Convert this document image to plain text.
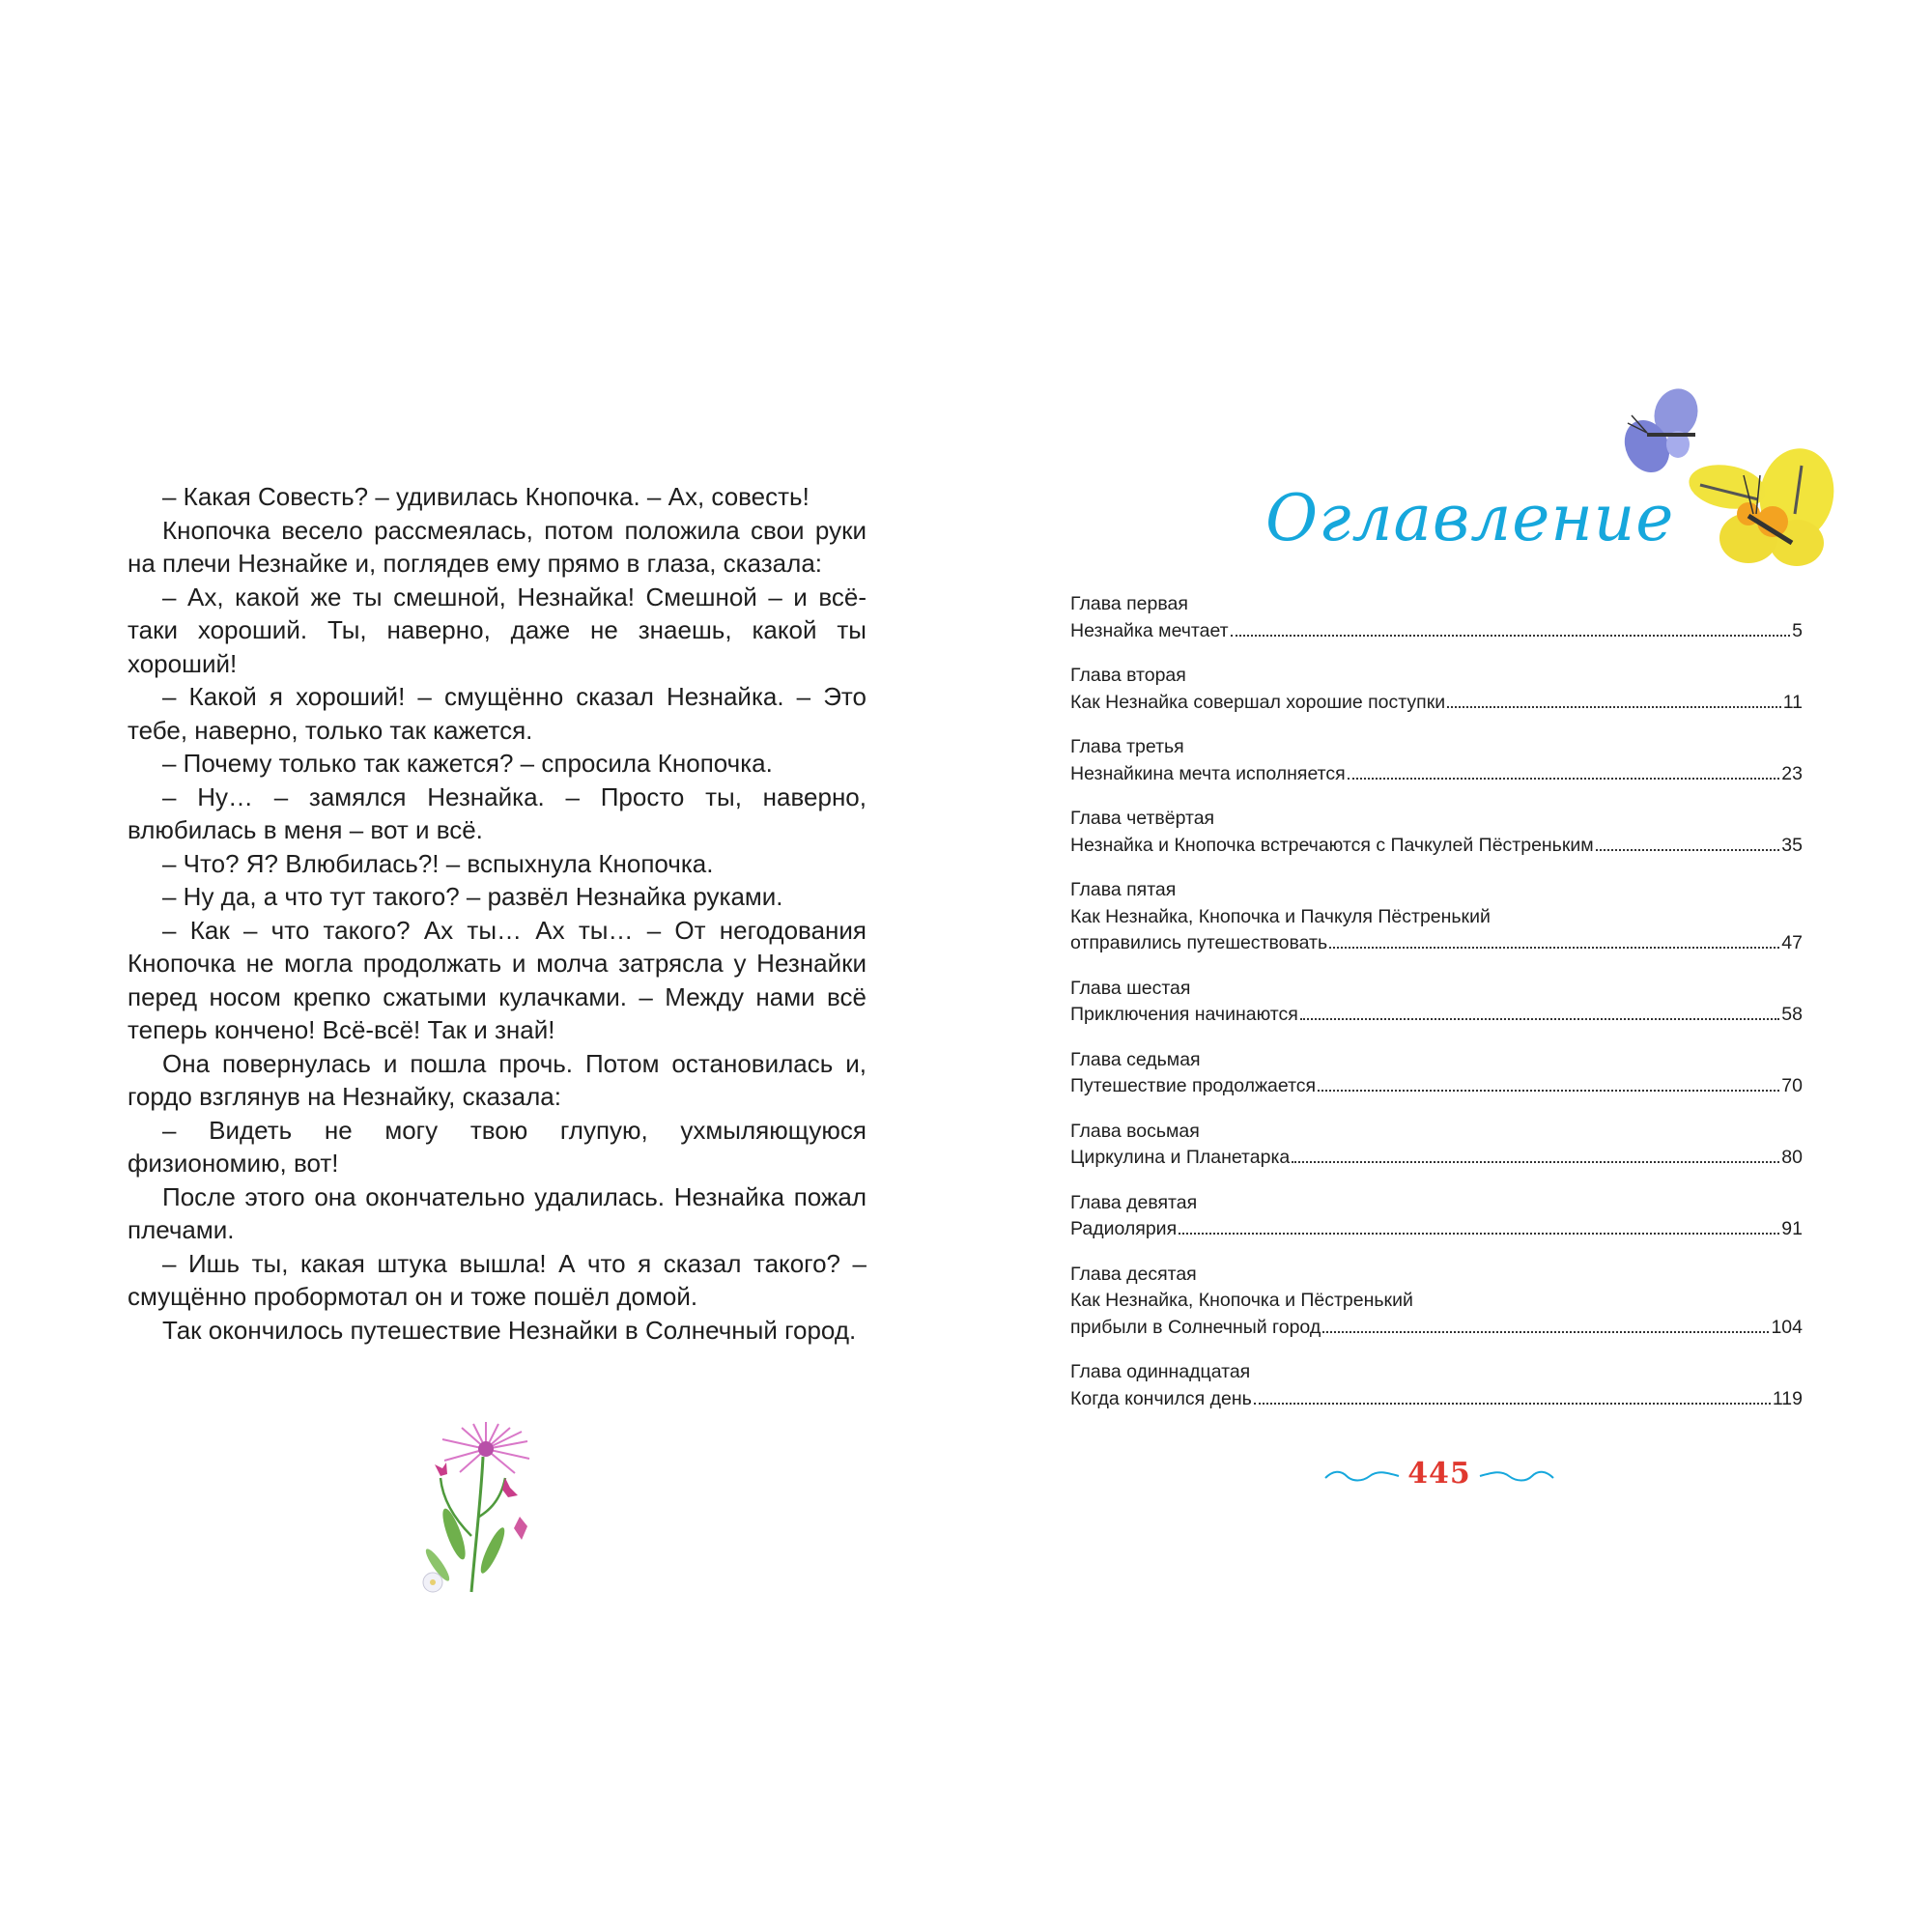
– Какая Совесть? – удивилась Кнопочка. – Ах, совесть!

Кнопочка весело рассмеялась, потом положила свои руки на плечи Незнайке и, поглядев ему прямо в глаза, сказала:

– Ах, какой же ты смешной, Незнайка! Смешной – и всё-таки хороший. Ты, наверно, даже не знаешь, какой ты хороший!

– Какой я хороший! – смущённо сказал Незнайка. – Это тебе, наверно, только так кажется.

– Почему только так кажется? – спросила Кнопочка.

– Ну… – замялся Незнайка. – Просто ты, наверно, влюбилась в меня – вот и всё.

– Что? Я? Влюбилась?! – вспыхнула Кнопочка.

– Ну да, а что тут такого? – развёл Незнайка руками.

– Как – что такого? Ах ты… Ах ты… – От негодования Кнопочка не могла продолжать и молча затрясла у Незнайки перед носом крепко сжатыми кулачками. – Между нами всё теперь кончено! Всё-всё! Так и знай!

Она повернулась и пошла прочь. Потом остановилась и, гордо взглянув на Незнайку, сказала:

– Видеть не могу твою глупую, ухмыляющуюся физиономию, вот!

После этого она окончательно удалилась. Незнайка пожал плечами.

– Ишь ты, какая штука вышла! А что я сказал такого? – смущённо пробормотал он и тоже пошёл домой.

Так окончилось путешествие Незнайки в Солнечный город.

Оглавление
Глава первая
Незнайка мечтает	5
Глава вторая
Как Незнайка совершал хорошие поступки	11
Глава третья
Незнайкина мечта исполняется	23
Глава четвёртая
Незнайка и Кнопочка встречаются с Пачкулей Пёстреньким	35
Глава пятая
Как Незнайка, Кнопочка и Пачкуля Пёстренький
отправились путешествовать	47
Глава шестая
Приключения начинаются	58
Глава седьмая
Путешествие продолжается	70
Глава восьмая
Циркулина и Планетарка	80
Глава девятая
Радиолярия	91
Глава десятая
Как Незнайка, Кнопочка и Пёстренький
прибыли в Солнечный город	104
Глава одиннадцатая
Когда кончился день	119
445
